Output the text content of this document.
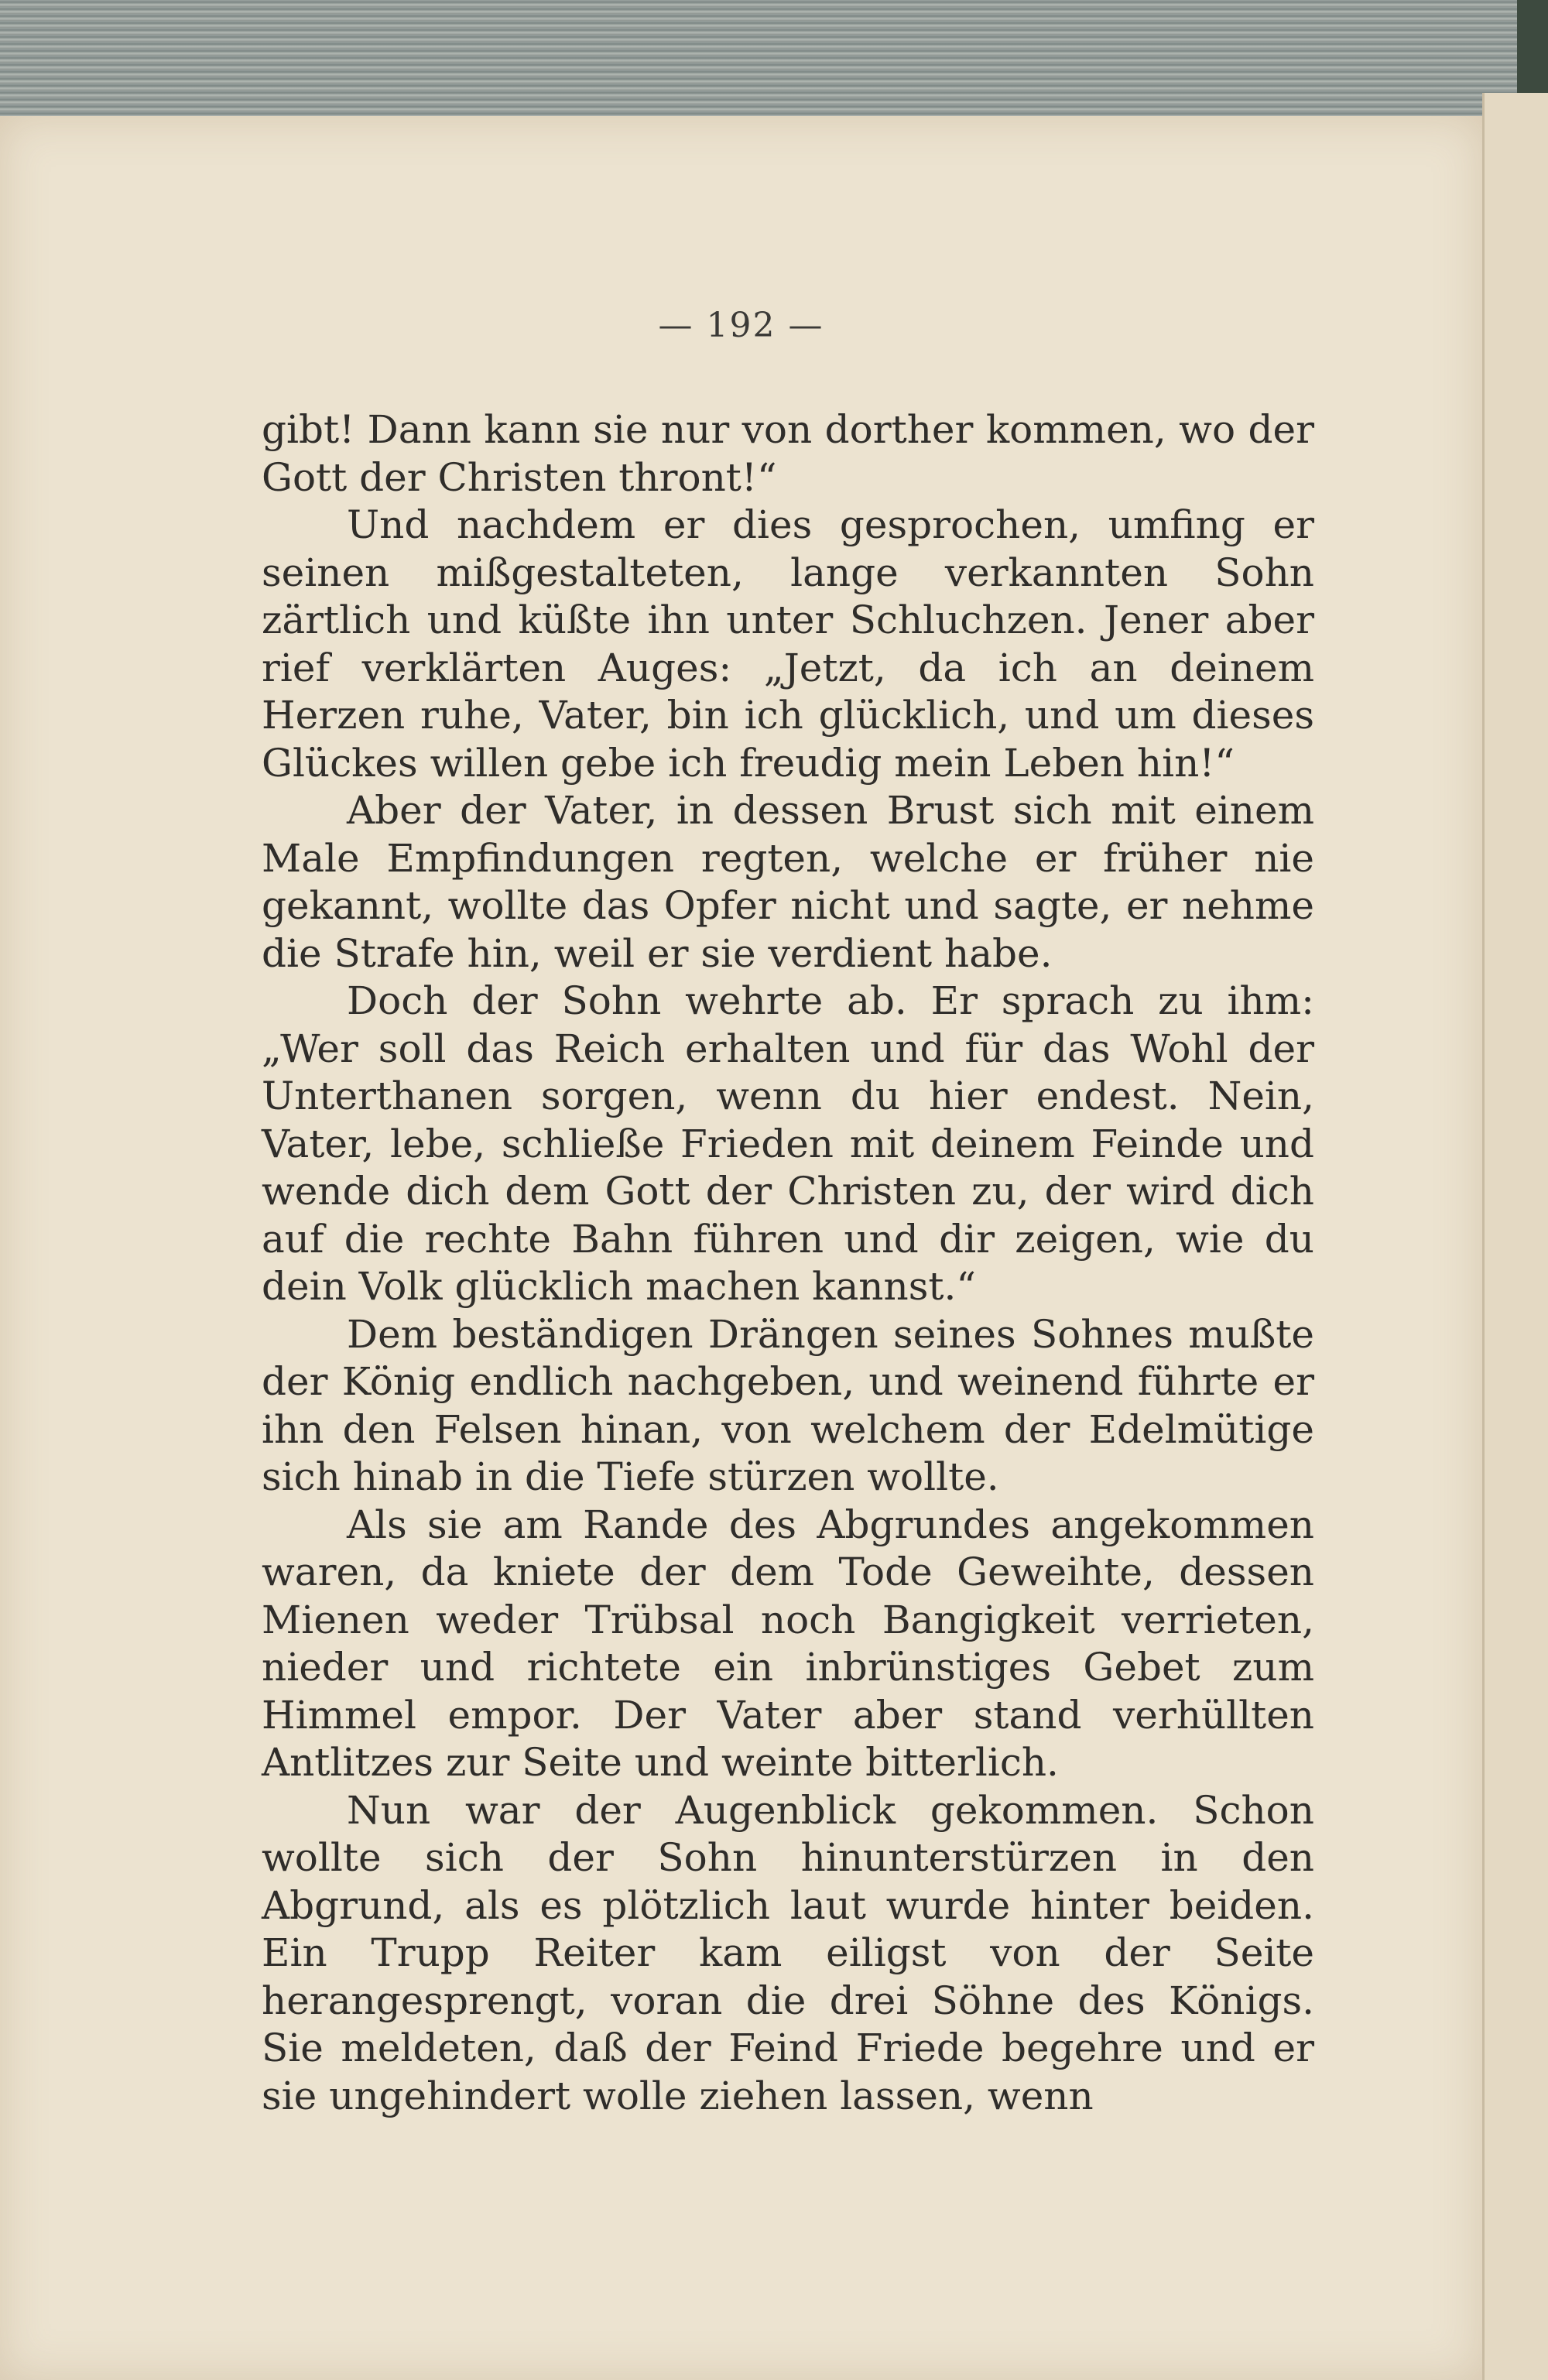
— 192 —

gibt! Dann kann sie nur von dorther kommen, wo der Gott der Christen thront!“

Und nachdem er dies gesprochen, umfing er seinen mißgestalteten, lange verkannten Sohn zärtlich und küßte ihn unter Schluchzen. Jener aber rief verklärten Auges: „Jetzt, da ich an deinem Herzen ruhe, Vater, bin ich glücklich, und um dieses Glückes willen gebe ich freudig mein Leben hin!“

Aber der Vater, in dessen Brust sich mit einem Male Empfindungen regten, welche er früher nie gekannt, wollte das Opfer nicht und sagte, er nehme die Strafe hin, weil er sie verdient habe.

Doch der Sohn wehrte ab. Er sprach zu ihm: „Wer soll das Reich erhalten und für das Wohl der Unterthanen sorgen, wenn du hier endest. Nein, Vater, lebe, schließe Frieden mit deinem Feinde und wende dich dem Gott der Christen zu, der wird dich auf die rechte Bahn führen und dir zeigen, wie du dein Volk glücklich machen kannst.“

Dem beständigen Drängen seines Sohnes mußte der König endlich nachgeben, und weinend führte er ihn den Felsen hinan, von welchem der Edelmütige sich hinab in die Tiefe stürzen wollte.

Als sie am Rande des Abgrundes angekommen waren, da kniete der dem Tode Geweihte, dessen Mienen weder Trübsal noch Bangigkeit verrieten, nieder und richtete ein inbrünstiges Gebet zum Himmel empor. Der Vater aber stand verhüllten Antlitzes zur Seite und weinte bitterlich.

Nun war der Augenblick gekommen. Schon wollte sich der Sohn hinunterstürzen in den Abgrund, als es plötzlich laut wurde hinter beiden. Ein Trupp Reiter kam eiligst von der Seite herangesprengt, voran die drei Söhne des Königs. Sie meldeten, daß der Feind Friede begehre und er sie ungehindert wolle ziehen lassen, wenn
